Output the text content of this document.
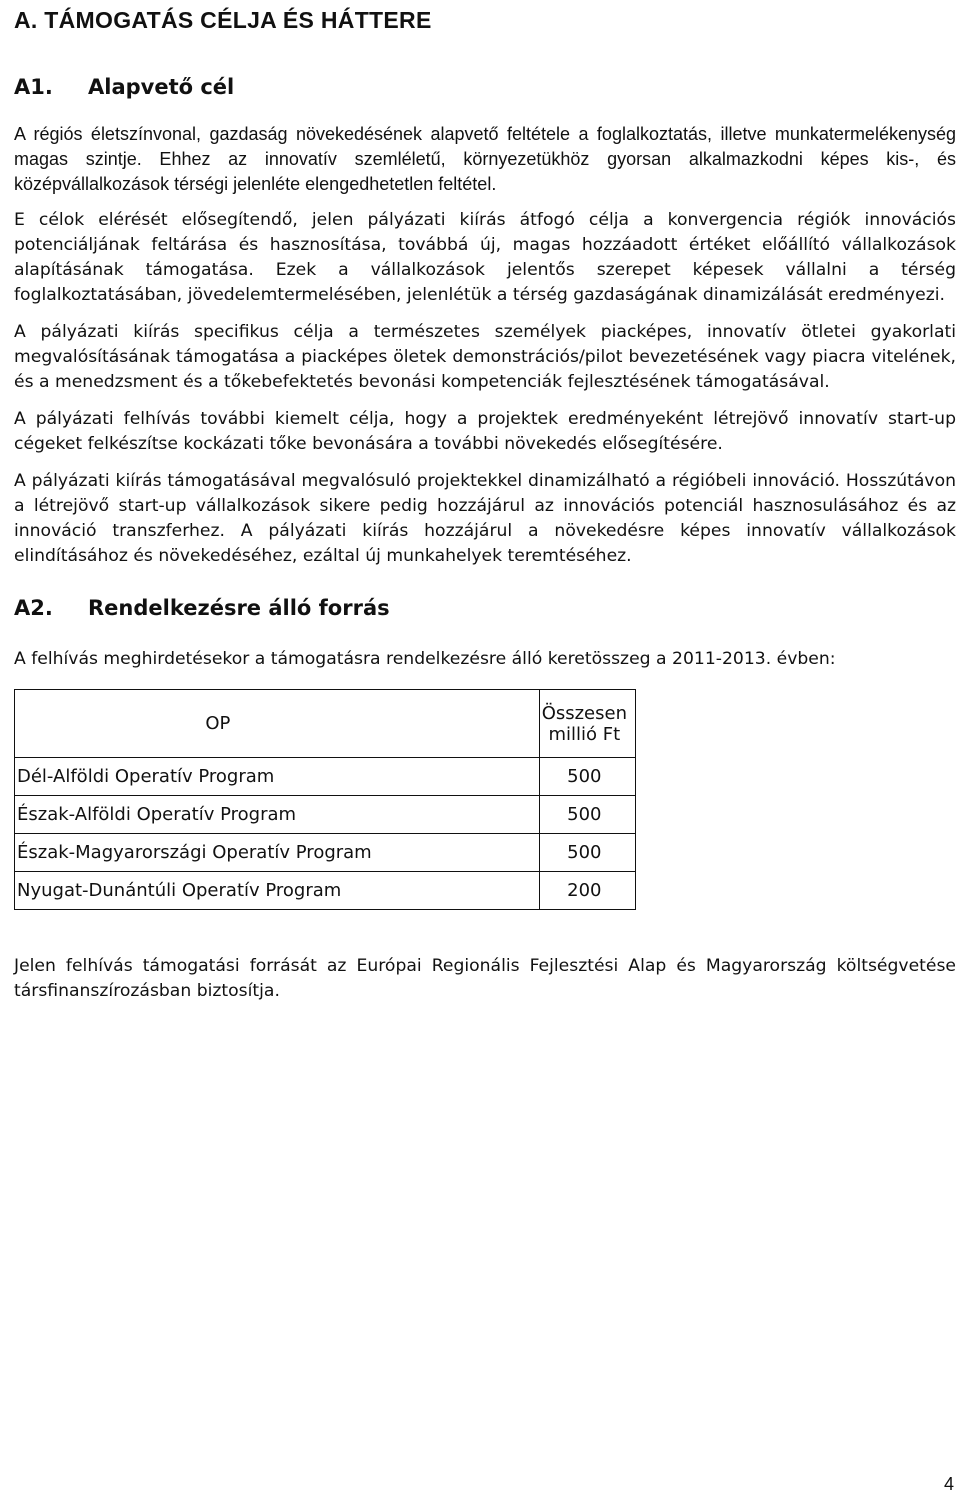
A. TÁMOGATÁS CÉLJA ÉS HÁTTERE
A1.	Alapvető cél

A régiós életszínvonal, gazdaság növekedésének alapvető feltétele a foglalkoztatás, illetve munkatermelékenység magas szintje. Ehhez az innovatív szemléletű, környezetükhöz gyorsan alkalmazkodni képes kis-, és középvállalkozások térségi jelenléte elengedhetetlen feltétel.

E célok elérését elősegítendő, jelen pályázati kiírás átfogó célja a konvergencia régiók innovációs potenciáljának feltárása és hasznosítása, továbbá új, magas hozzáadott értéket előállító vállalkozások alapításának támogatása. Ezek a vállalkozások jelentős szerepet képesek vállalni a térség foglalkoztatásában, jövedelemtermelésében, jelenlétük a térség gazdaságának dinamizálását eredményezi.

A pályázati kiírás specifikus célja a természetes személyek piacképes, innovatív ötletei gyakorlati megvalósításának támogatása a piacképes öletek demonstrációs/pilot bevezetésének vagy piacra vitelének, és a menedzsment és a tőkebefektetés bevonási kompetenciák fejlesztésének támogatásával.

A pályázati felhívás további kiemelt célja, hogy a projektek eredményeként létrejövő innovatív start-up cégeket felkészítse kockázati tőke bevonására a további növekedés elősegítésére.

A pályázati kiírás támogatásával megvalósuló projektekkel dinamizálható a régióbeli innováció. Hosszútávon a létrejövő start-up vállalkozások sikere pedig hozzájárul az innovációs potenciál hasznosulásához és az innováció transzferhez. A pályázati kiírás hozzájárul a növekedésre képes innovatív vállalkozások elindításához és növekedéséhez, ezáltal új munkahelyek teremtéséhez.

A2.	Rendelkezésre álló forrás

A felhívás meghirdetésekor a támogatásra rendelkezésre álló keretösszeg a 2011-2013. évben:

OP	Összesen millió Ft
Dél-Alföldi Operatív Program	500
Észak-Alföldi Operatív Program	500
Észak-Magyarországi Operatív Program	500
Nyugat-Dunántúli Operatív Program	200

Jelen felhívás támogatási forrását az Európai Regionális Fejlesztési Alap és Magyarország költségvetése társfinanszírozásban biztosítja.

4
